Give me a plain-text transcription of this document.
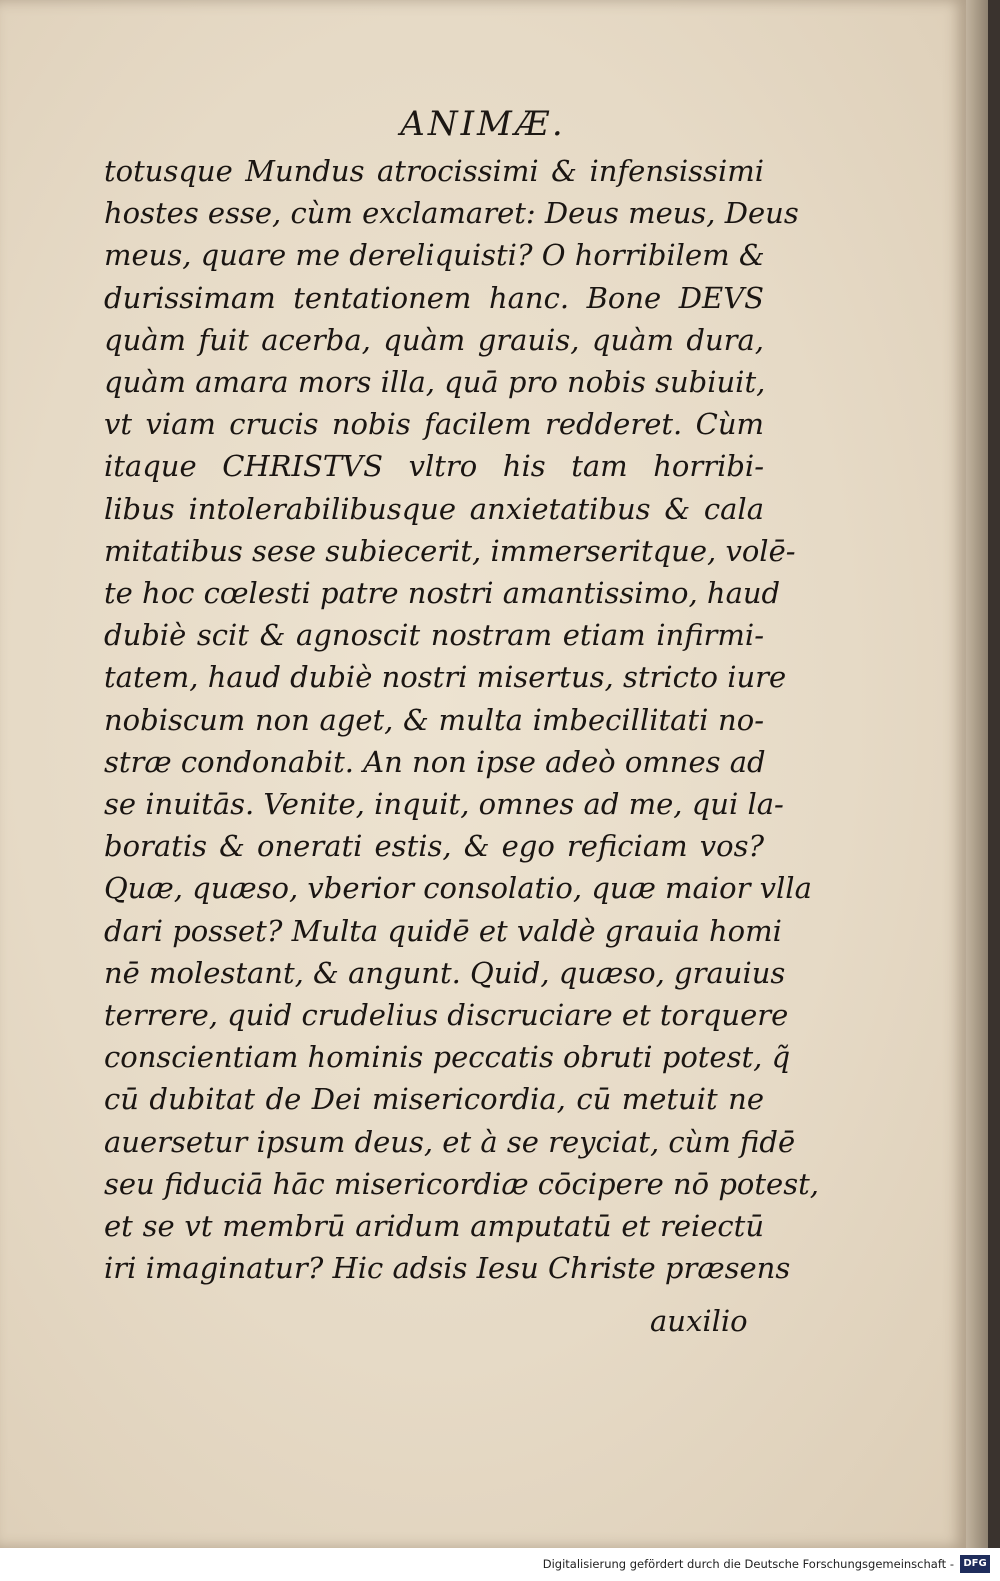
ANIMÆ.
totusque Mundus atrocissimi & infensissimi
hostes esse, cùm exclamaret: Deus meus, Deus
meus, quare me dereliquisti? O horribilem &
durissimam tentationem hanc. Bone DEVS
quàm fuit acerba, quàm grauis, quàm dura,
quàm amara mors illa, quā pro nobis subiuit,
vt viam crucis nobis facilem redderet. Cùm
itaque CHRISTVS vltro his tam horribi-
libus intolerabilibusque anxietatibus & cala
mitatibus sese subiecerit, immerseritque, volē-
te hoc cœlesti patre nostri amantissimo, haud
dubiè scit & agnoscit nostram etiam infirmi-
tatem, haud dubiè nostri misertus, stricto iure
nobiscum non aget, & multa imbecillitati no-
stræ condonabit. An non ipse adeò omnes ad
se inuitās. Venite, inquit, omnes ad me, qui la-
boratis & onerati estis, & ego reficiam vos?
Quæ, quæso, vberior consolatio, quæ maior vlla
dari posset? Multa quidē et valdè grauia homi
nē molestant, & angunt. Quid, quæso, grauius
terrere, quid crudelius discruciare et torquere
conscientiam hominis peccatis obruti potest, q̃
cū dubitat de Dei misericordia, cū metuit ne
auersetur ipsum deus, et à se reyciat, cùm fidē
seu fiduciā hāc misericordiæ cōcipere nō potest,
et se vt membrū aridum amputatū et reiectū
iri imaginatur? Hic adsis Iesu Christe præsens
auxilio
Digitalisierung gefördert durch die Deutsche Forschungsgemeinschaft - DFG
